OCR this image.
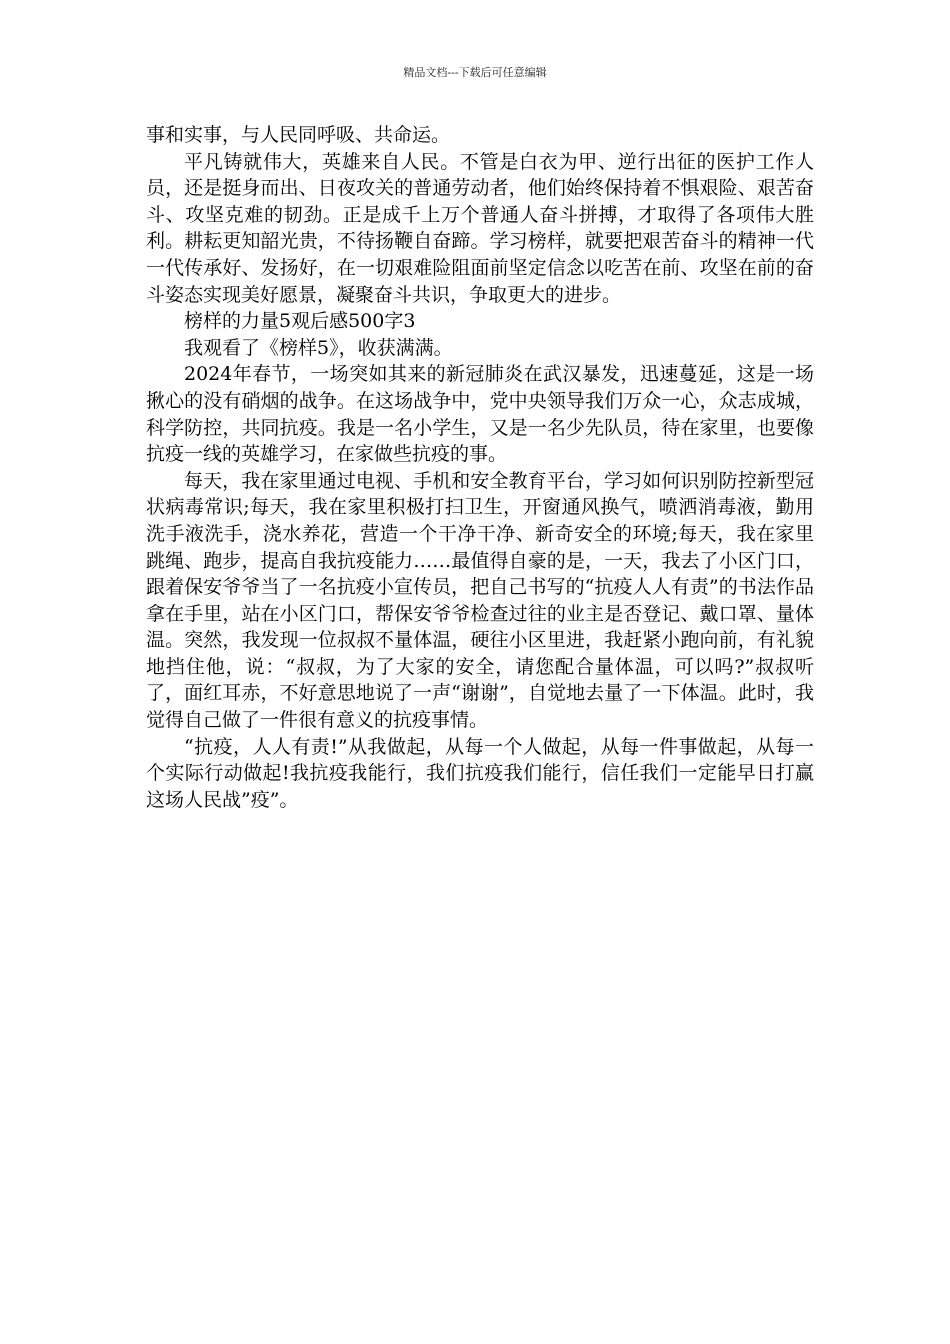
精品文档---下载后可任意编辑

事和实事，与人民同呼吸、共命运。

平凡铸就伟大，英雄来自人民。不管是白衣为甲、逆行出征的医护工作人员，还是挺身而出、日夜攻关的普通劳动者，他们始终保持着不惧艰险、艰苦奋斗、攻坚克难的韧劲。正是成千上万个普通人奋斗拼搏，才取得了各项伟大胜利。耕耘更知韶光贵，不待扬鞭自奋蹄。学习榜样，就要把艰苦奋斗的精神一代一代传承好、发扬好，在一切艰难险阻面前坚定信念以吃苦在前、攻坚在前的奋斗姿态实现美好愿景，凝聚奋斗共识，争取更大的进步。

榜样的力量5观后感500字3

我观看了《榜样5》，收获满满。

2024年春节，一场突如其来的新冠肺炎在武汉暴发，迅速蔓延，这是一场揪心的没有硝烟的战争。在这场战争中，党中央领导我们万众一心，众志成城，科学防控，共同抗疫。我是一名小学生，又是一名少先队员，待在家里，也要像抗疫一线的英雄学习，在家做些抗疫的事。

每天，我在家里通过电视、手机和安全教育平台，学习如何识别防控新型冠状病毒常识;每天，我在家里积极打扫卫生，开窗通风换气，喷洒消毒液，勤用洗手液洗手，浇水养花，营造一个干净干净、新奇安全的环境;每天，我在家里跳绳、跑步，提高自我抗疫能力……最值得自豪的是，一天，我去了小区门口，跟着保安爷爷当了一名抗疫小宣传员，把自己书写的“抗疫人人有责”的书法作品拿在手里，站在小区门口，帮保安爷爷检查过往的业主是否登记、戴口罩、量体温。突然，我发现一位叔叔不量体温，硬往小区里进，我赶紧小跑向前，有礼貌地挡住他，说：“叔叔，为了大家的安全，请您配合量体温，可以吗?”叔叔听了，面红耳赤，不好意思地说了一声“谢谢”，自觉地去量了一下体温。此时，我觉得自己做了一件很有意义的抗疫事情。

“抗疫，人人有责!”从我做起，从每一个人做起，从每一件事做起，从每一个实际行动做起!我抗疫我能行，我们抗疫我们能行，信任我们一定能早日打赢这场人民战”疫”。
